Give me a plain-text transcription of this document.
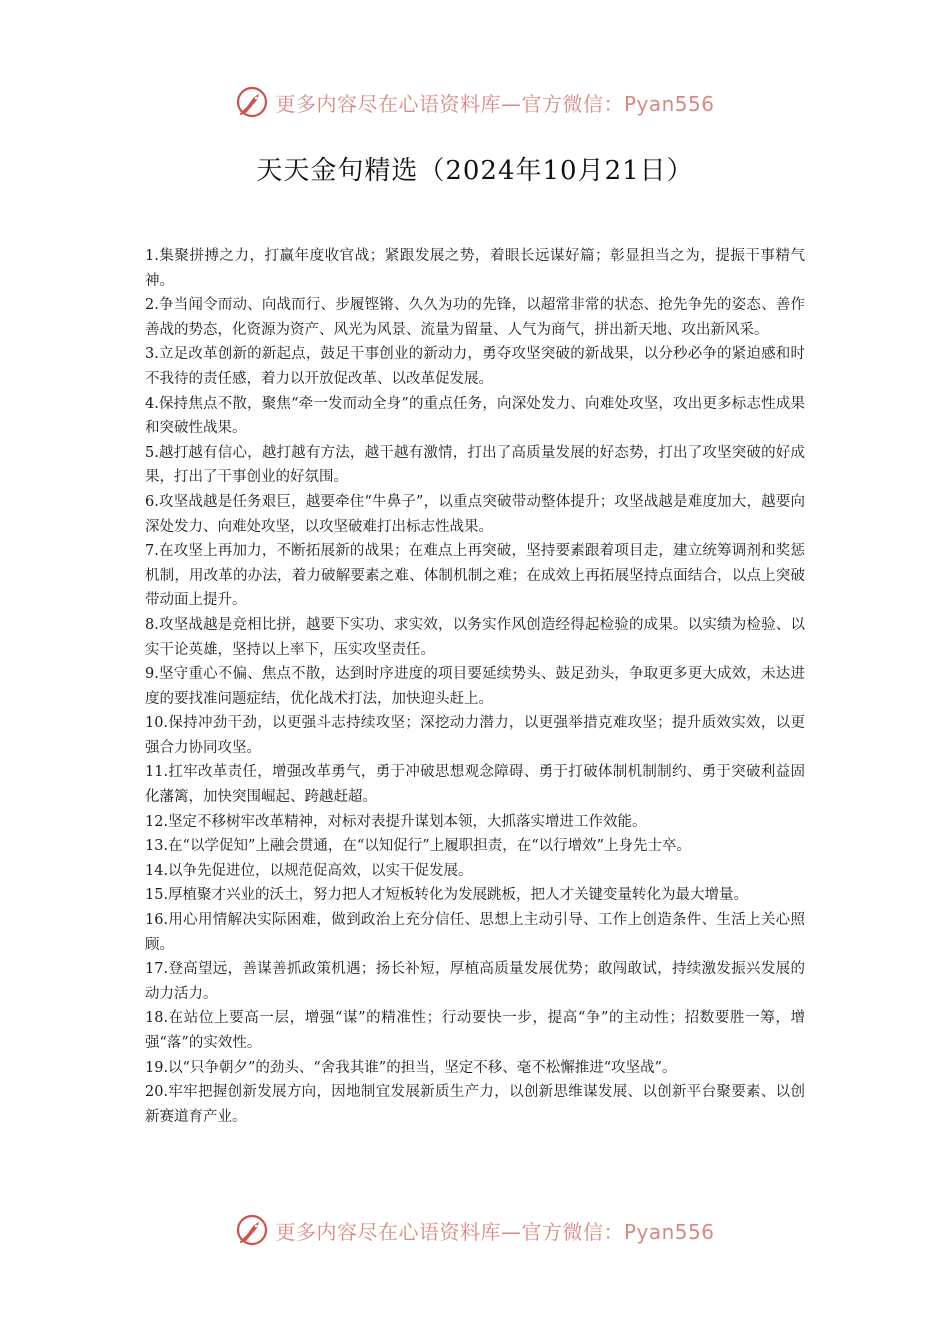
更多内容尽在心语资料库—官方微信：Pyan556
天天金句精选（2024年10月21日）

1.集聚拼搏之力，打赢年度收官战；紧跟发展之势，着眼长远谋好篇；彰显担当之为，提振干事精气神。

2.争当闻令而动、向战而行、步履铿锵、久久为功的先锋，以超常非常的状态、抢先争先的姿态、善作善战的势态，化资源为资产、风光为风景、流量为留量、人气为商气，拼出新天地、攻出新风采。

3.立足改革创新的新起点，鼓足干事创业的新动力，勇夺攻坚突破的新战果，以分秒必争的紧迫感和时不我待的责任感，着力以开放促改革、以改革促发展。

4.保持焦点不散，聚焦“牵一发而动全身”的重点任务，向深处发力、向难处攻坚，攻出更多标志性成果和突破性战果。

5.越打越有信心，越打越有方法，越干越有激情，打出了高质量发展的好态势，打出了攻坚突破的好成果，打出了干事创业的好氛围。

6.攻坚战越是任务艰巨，越要牵住“牛鼻子”，以重点突破带动整体提升；攻坚战越是难度加大，越要向深处发力、向难处攻坚，以攻坚破难打出标志性战果。

7.在攻坚上再加力，不断拓展新的战果；在难点上再突破，坚持要素跟着项目走，建立统筹调剂和奖惩机制，用改革的办法，着力破解要素之难、体制机制之难；在成效上再拓展坚持点面结合，以点上突破带动面上提升。

8.攻坚战越是竞相比拼，越要下实功、求实效，以务实作风创造经得起检验的成果。以实绩为检验、以实干论英雄，坚持以上率下，压实攻坚责任。

9.坚守重心不偏、焦点不散，达到时序进度的项目要延续势头、鼓足劲头，争取更多更大成效，未达进度的要找准问题症结，优化战术打法，加快迎头赶上。

10.保持冲劲干劲，以更强斗志持续攻坚；深挖动力潜力，以更强举措克难攻坚；提升质效实效，以更强合力协同攻坚。

11.扛牢改革责任，增强改革勇气，勇于冲破思想观念障碍、勇于打破体制机制制约、勇于突破利益固化藩篱，加快突围崛起、跨越赶超。

12.坚定不移树牢改革精神，对标对表提升谋划本领，大抓落实增进工作效能。

13.在“以学促知”上融会贯通，在“以知促行”上履职担责，在“以行增效”上身先士卒。

14.以争先促进位，以规范促高效，以实干促发展。

15.厚植聚才兴业的沃土，努力把人才短板转化为发展跳板，把人才关键变量转化为最大增量。

16.用心用情解决实际困难，做到政治上充分信任、思想上主动引导、工作上创造条件、生活上关心照顾。

17.登高望远，善谋善抓政策机遇；扬长补短，厚植高质量发展优势；敢闯敢试，持续激发振兴发展的动力活力。

18.在站位上要高一层，增强“谋”的精准性；行动要快一步，提高“争”的主动性；招数要胜一筹，增强“落”的实效性。

19.以“只争朝夕”的劲头、“舍我其谁”的担当，坚定不移、毫不松懈推进“攻坚战”。

20.牢牢把握创新发展方向，因地制宜发展新质生产力，以创新思维谋发展、以创新平台聚要素、以创新赛道育产业。

更多内容尽在心语资料库—官方微信：Pyan556
